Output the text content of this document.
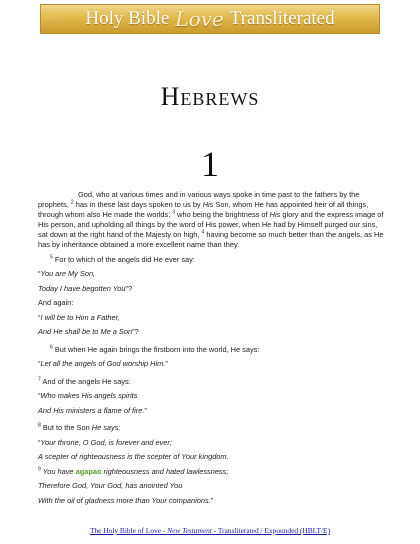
.... Holy Bible Love Transliterated
Hebrews
1

God, who at various times and in various ways spoke in time past to the fathers by the prophets, $^2$ has in these last days spoken to us by His Son, whom He has appointed heir of all things, through whom also He made the worlds; $^3$ who being the brightness of His glory and the express image of His person, and upholding all things by the word of His power, when He had by Himself purged our sins, sat down at the right hand of the Majesty on high, $^4$ having become so much better than the angels, as He has by inheritance obtained a more excellent name than they.

$^5$ For to which of the angels did He ever say:

“You are My Son,

Today I have begotten You”?

And again:

“I will be to Him a Father,

And He shall be to Me a Son”?

$^6$ But when He again brings the firstborn into the world, He says:

“Let all the angels of God worship Him.”

$^7$ And of the angels He says:

“Who makes His angels spirits

And His ministers a flame of fire.”

$^8$ But to the Son He says:

“Your throne, O God, is forever and ever;

A scepter of righteousness is the scepter of Your kingdom.

$^9$ You have agapao righteousness and hated lawlessness;

Therefore God, Your God, has anointed You

With the oil of gladness more than Your companions.”

The Holy Bible of Love - New Testament - Transliterated / Expounded (HBLT/E)
